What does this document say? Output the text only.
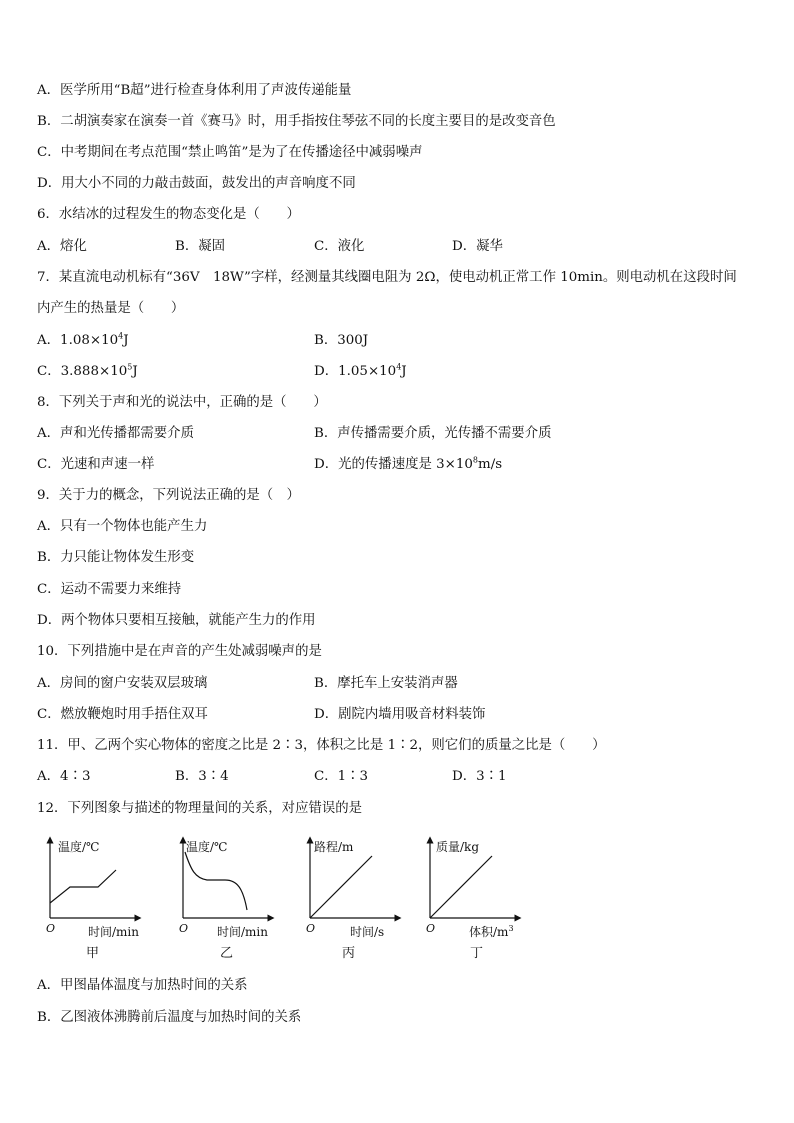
A．医学所用“B超”进行检查身体利用了声波传递能量
B．二胡演奏家在演奏一首《赛马》时，用手指按住琴弦不同的长度主要目的是改变音色
C．中考期间在考点范围“禁止鸣笛”是为了在传播途径中减弱噪声
D．用大小不同的力敲击鼓面，鼓发出的声音响度不同
6．水结冰的过程发生的物态变化是（　　）
A．熔化	B．凝固	C．液化	D．凝华
7．某直流电动机标有“36V　18W”字样，经测量其线圈电阻为 2Ω，使电动机正常工作 10min。则电动机在这段时间
内产生的热量是（　　）
A．$1.08\times 10^4J$	B．300J
C．$3.888\times 10^5J$	D．$1.05\times 10^4J$
8．下列关于声和光的说法中，正确的是（　　）
A．声和光传播都需要介质	B．声传播需要介质，光传播不需要介质
C．光速和声速一样	D．光的传播速度是 $3\times 10^8m/s$
9．关于力的概念，下列说法正确的是（　）
A．只有一个物体也能产生力
B．力只能让物体发生形变
C．运动不需要力来维持
D．两个物体只要相互接触，就能产生力的作用
10．下列措施中是在声音的产生处减弱噪声的是
A．房间的窗户安装双层玻璃	B．摩托车上安装消声器
C．燃放鞭炮时用手捂住双耳	D．剧院内墙用吸音材料装饰
11．甲、乙两个实心物体的密度之比是 2∶3，体积之比是 1∶2，则它们的质量之比是（　　）
A．4∶3	B．3∶4	C．1∶3	D．3∶1
12．下列图象与描述的物理量间的关系，对应错误的是
温度/℃
O	时间/min
甲
温度/℃
O 时间/min
乙
路程/m
O	时间/s
丙
质量/kg
O	体积$/m^3$
丁
A．甲图晶体温度与加热时间的关系
B．乙图液体沸腾前后温度与加热时间的关系
